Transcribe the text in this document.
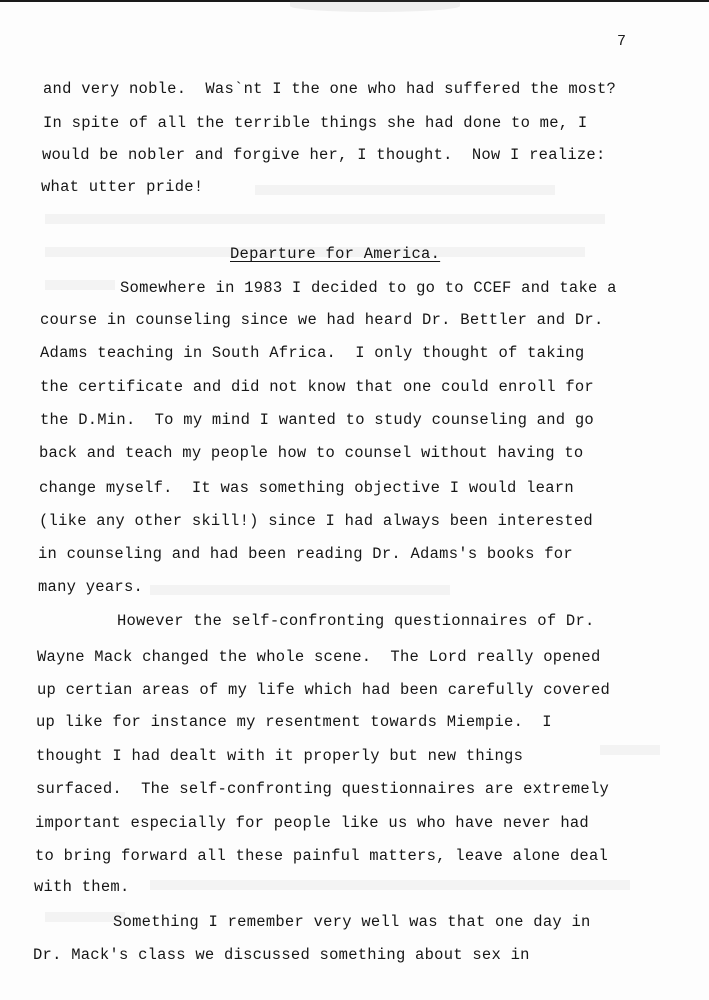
7
and very noble.  Was`nt I the one who had suffered the most?
In spite of all the terrible things she had done to me, I
would be nobler and forgive her, I thought.  Now I realize:
what utter pride!
Departure for America.
Somewhere in 1983 I decided to go to CCEF and take a
course in counseling since we had heard Dr. Bettler and Dr.
Adams teaching in South Africa.  I only thought of taking
the certificate and did not know that one could enroll for
the D.Min.  To my mind I wanted to study counseling and go
back and teach my people how to counsel without having to
change myself.  It was something objective I would learn
(like any other skill!) since I had always been interested
in counseling and had been reading Dr. Adams's books for
many years.
However the self-confronting questionnaires of Dr.
Wayne Mack changed the whole scene.  The Lord really opened
up certian areas of my life which had been carefully covered
up like for instance my resentment towards Miempie.  I
thought I had dealt with it properly but new things
surfaced.  The self-confronting questionnaires are extremely
important especially for people like us who have never had
to bring forward all these painful matters, leave alone deal
with them.
Something I remember very well was that one day in
Dr. Mack's class we discussed something about sex in
